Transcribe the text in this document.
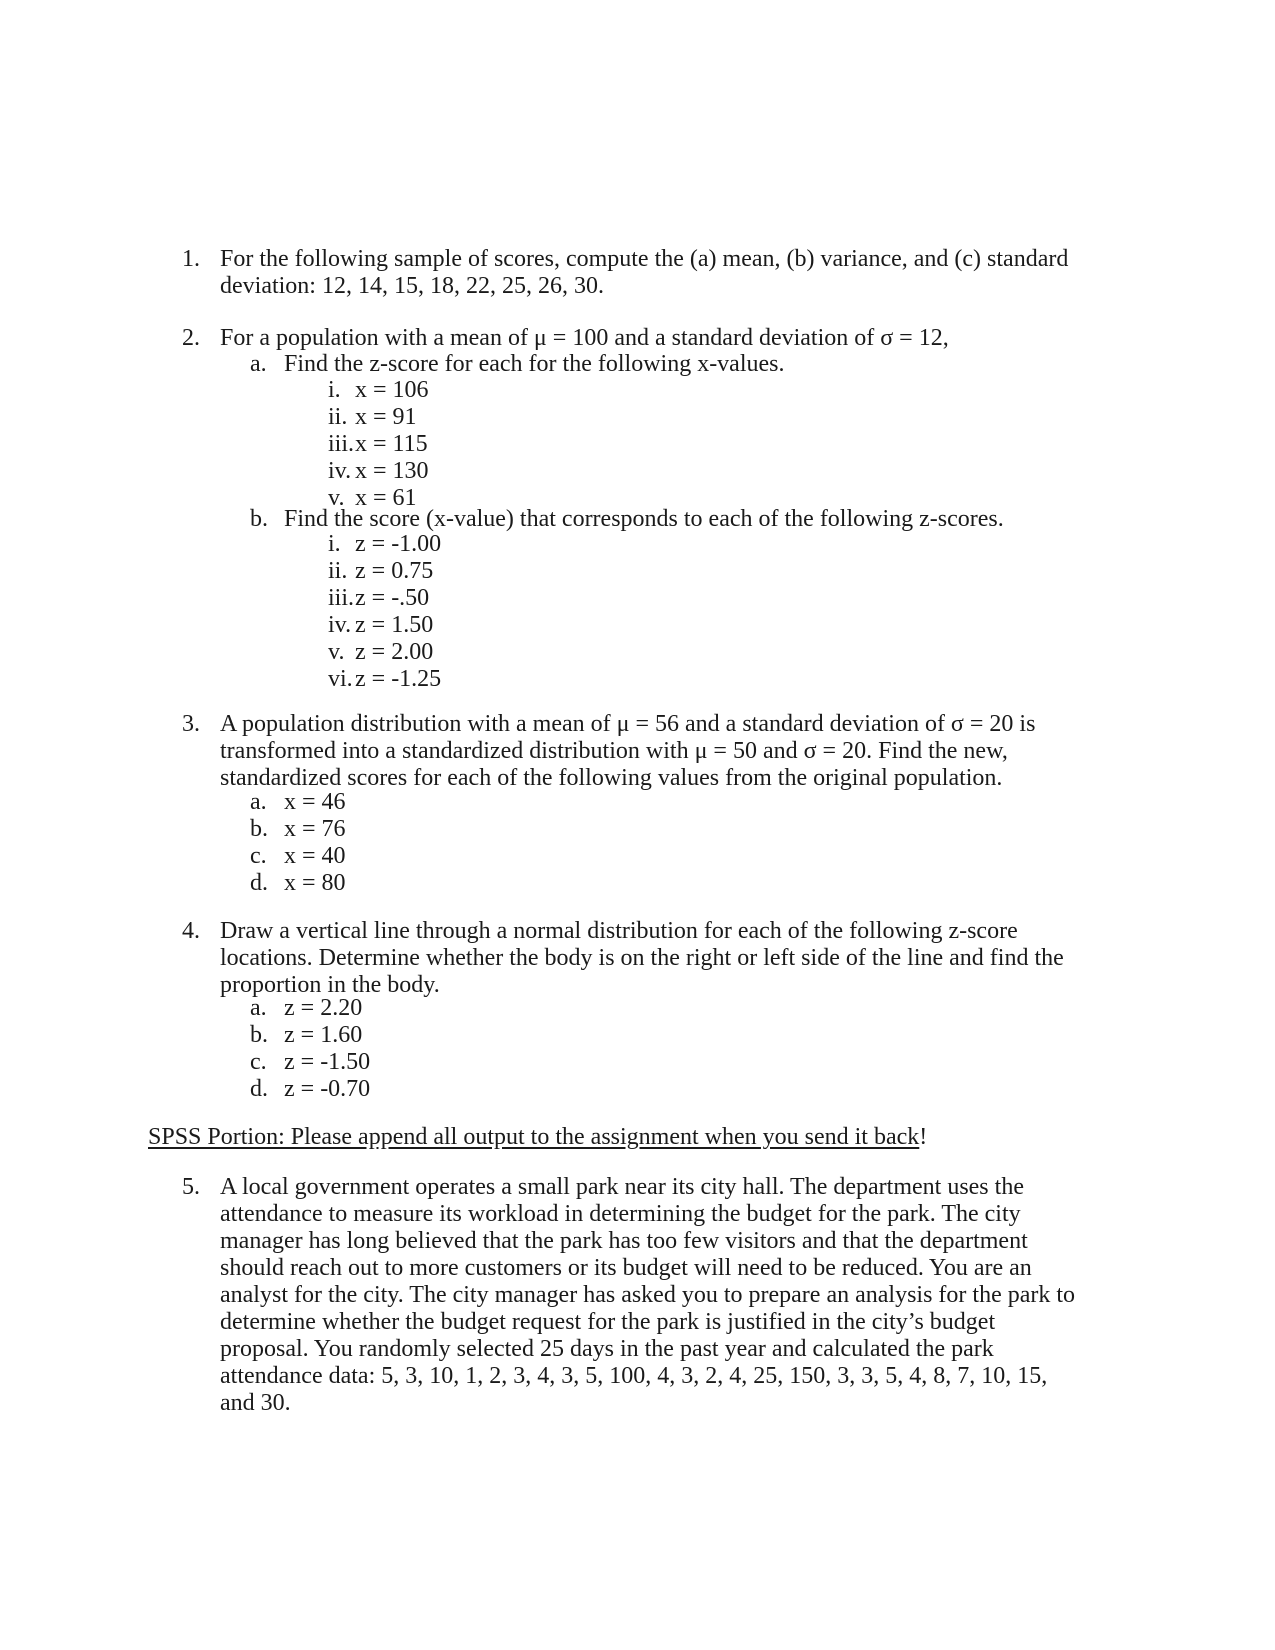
1. For the following sample of scores, compute the (a) mean, (b) variance, and (c) standard deviation: 12, 14, 15, 18, 22, 25, 26, 30.
2. For a population with a mean of μ = 100 and a standard deviation of σ = 12,
a. Find the z-score for each for the following x-values.
i. x = 106
ii. x = 91
iii. x = 115
iv. x = 130
v. x = 61
b. Find the score (x-value) that corresponds to each of the following z-scores.
i. z = -1.00
ii. z = 0.75
iii. z = -.50
iv. z = 1.50
v. z = 2.00
vi. z = -1.25
3. A population distribution with a mean of μ = 56 and a standard deviation of σ = 20 is transformed into a standardized distribution with μ = 50 and σ = 20. Find the new, standardized scores for each of the following values from the original population.
a. x = 46
b. x = 76
c. x = 40
d. x = 80
4. Draw a vertical line through a normal distribution for each of the following z-score locations. Determine whether the body is on the right or left side of the line and find the proportion in the body.
a. z = 2.20
b. z = 1.60
c. z = -1.50
d. z = -0.70
SPSS Portion: Please append all output to the assignment when you send it back!
5. A local government operates a small park near its city hall. The department uses the attendance to measure its workload in determining the budget for the park. The city manager has long believed that the park has too few visitors and that the department should reach out to more customers or its budget will need to be reduced. You are an analyst for the city. The city manager has asked you to prepare an analysis for the park to determine whether the budget request for the park is justified in the city’s budget proposal. You randomly selected 25 days in the past year and calculated the park attendance data: 5, 3, 10, 1, 2, 3, 4, 3, 5, 100, 4, 3, 2, 4, 25, 150, 3, 3, 5, 4, 8, 7, 10, 15, and 30.
